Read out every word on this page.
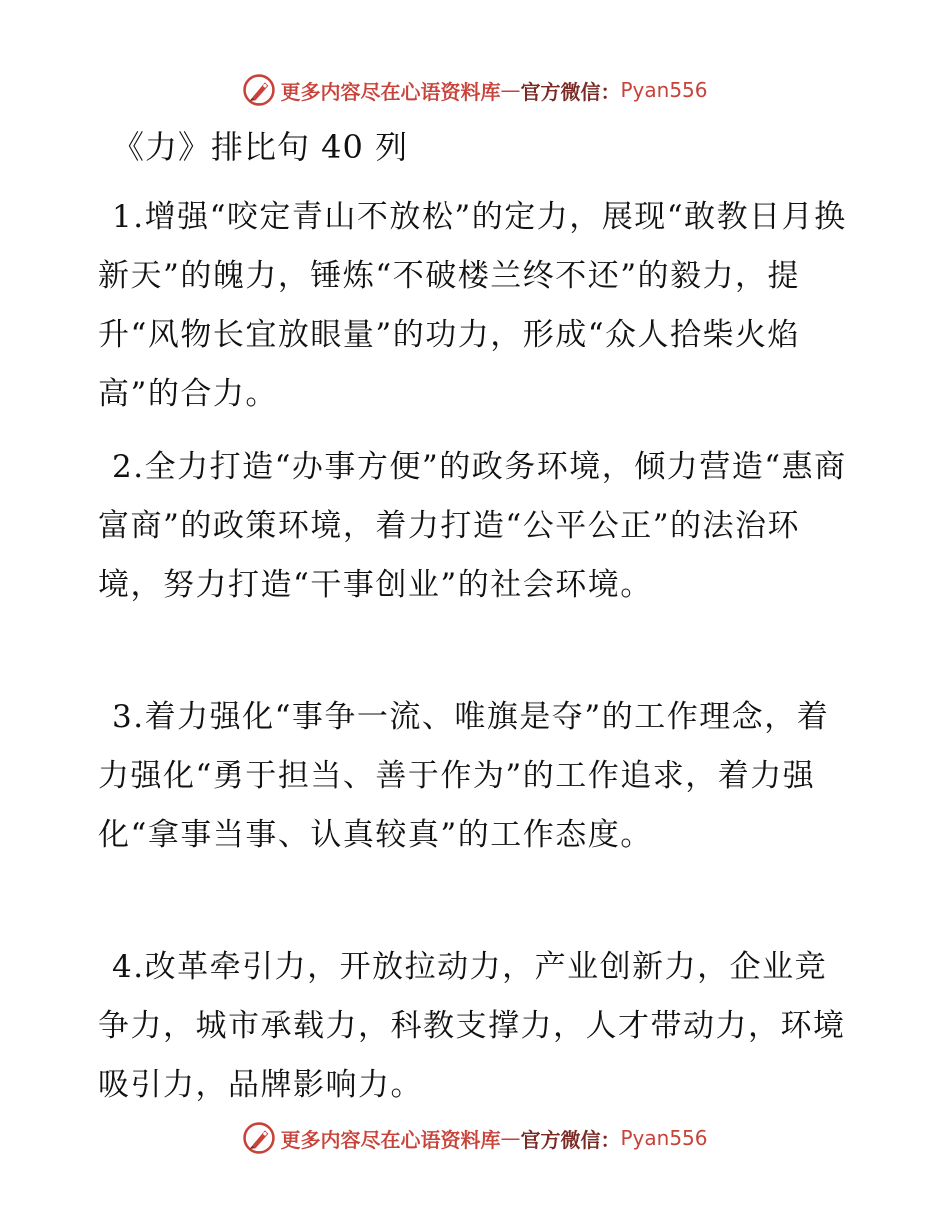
更多内容尽在心语资料库 — 官方微信： Pyan556
《力》排比句 40 列

1.增强“咬定青山不放松”的定力，展现“敢教日月换新天”的魄力，锤炼“不破楼兰终不还”的毅力，提升“风物长宜放眼量”的功力，形成“众人拾柴火焰高”的合力。

2.全力打造“办事方便”的政务环境，倾力营造“惠商富商”的政策环境，着力打造“公平公正”的法治环境，努力打造“干事创业”的社会环境。

3.着力强化“事争一流、唯旗是夺”的工作理念，着力强化“勇于担当、善于作为”的工作追求，着力强化“拿事当事、认真较真”的工作态度。

4.改革牵引力，开放拉动力，产业创新力，企业竞争力，城市承载力，科教支撑力，人才带动力，环境吸引力，品牌影响力。

更多内容尽在心语资料库 — 官方微信： Pyan556
